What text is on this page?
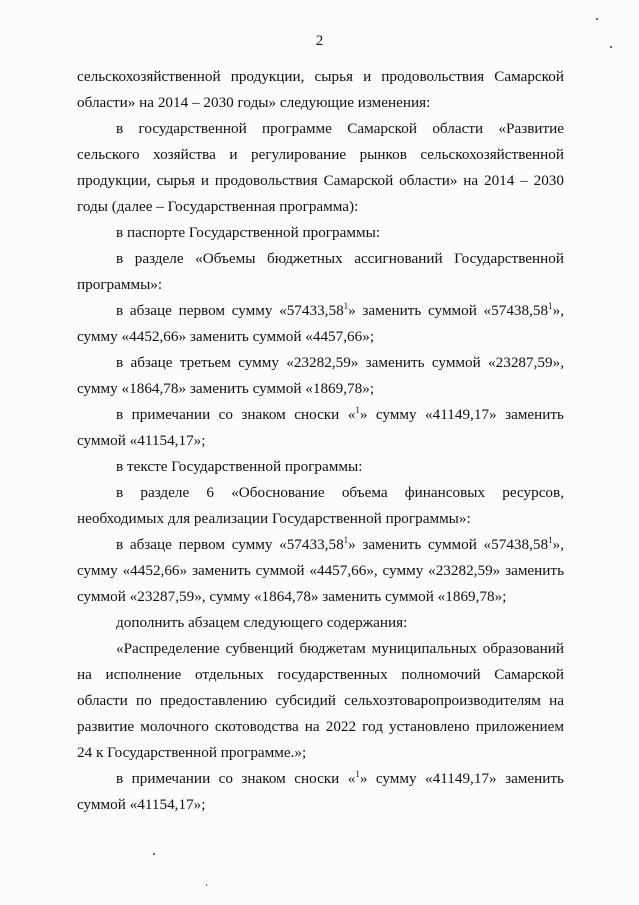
2

сельскохозяйственной продукции, сырья и продовольствия Самарской области» на 2014 – 2030 годы» следующие изменения:

в государственной программе Самарской области «Развитие сельского хозяйства и регулирование рынков сельскохозяйственной продукции, сырья и продовольствия Самарской области» на 2014 – 2030 годы (далее – Государственная программа):

в паспорте Государственной программы:

в разделе «Объемы бюджетных ассигнований Государственной программы»:

в абзаце первом сумму «57433,58$^1$» заменить суммой «57438,58$^1$», сумму «4452,66» заменить суммой «4457,66»;

в абзаце третьем сумму «23282,59» заменить суммой «23287,59», сумму «1864,78» заменить суммой «1869,78»;

в примечании со знаком сноски «$^1$» сумму «41149,17» заменить суммой «41154,17»;

в тексте Государственной программы:

в разделе 6 «Обоснование объема финансовых ресурсов, необходимых для реализации Государственной программы»:

в абзаце первом сумму «57433,58$^1$» заменить суммой «57438,58$^1$», сумму «4452,66» заменить суммой «4457,66», сумму «23282,59» заменить суммой «23287,59», сумму «1864,78» заменить суммой «1869,78»;

дополнить абзацем следующего содержания:

«Распределение субвенций бюджетам муниципальных образований на исполнение отдельных государственных полномочий Самарской области по предоставлению субсидий сельхозтоваропроизводителям на развитие молочного скотоводства на 2022 год установлено приложением 24 к Государственной программе.»;

в примечании со знаком сноски «$^1$» сумму «41149,17» заменить суммой «41154,17»;
